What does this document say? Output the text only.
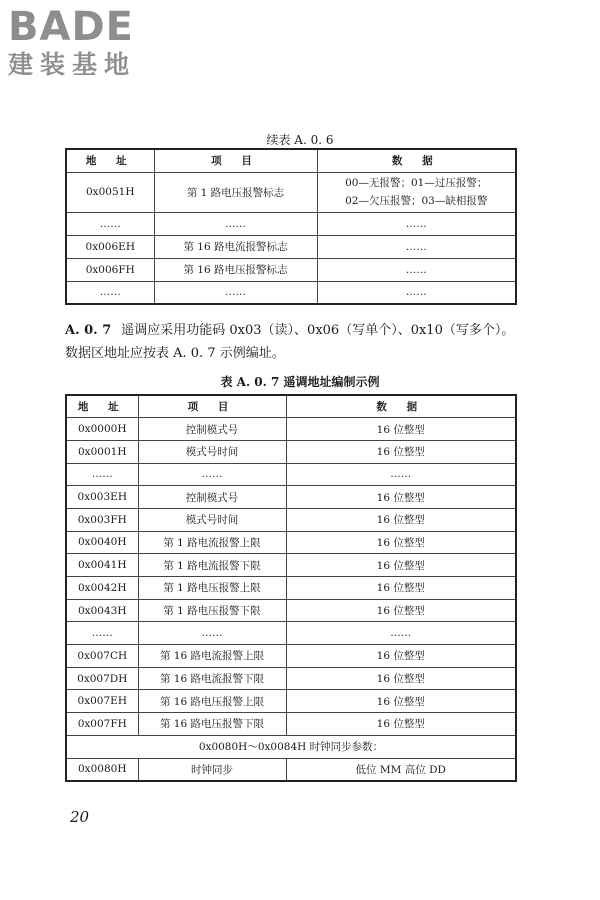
BADE
建装基地
续表 A. 0. 6
地 址	项 目	数 据
0x0051H	第 1 路电压报警标志	00—无报警；01—过压报警；
02—欠压报警；03—缺相报警

……	……	……
0x006EH	第 16 路电流报警标志	……
0x006FH	第 16 路电压报警标志	……
……	……	……
A. 0. 7 遥调应采用功能码 0x03（读）、0x06（写单个）、0x10（写多个）。数据区地址应按表 A. 0. 7 示例编址。
表 A. 0. 7 遥调地址编制示例
地 址	项 目	数 据
0x0000H	控制模式号	16 位整型
0x0001H	模式号时间	16 位整型
……	……	……
0x003EH	控制模式号	16 位整型
0x003FH	模式号时间	16 位整型
0x0040H	第 1 路电流报警上限	16 位整型
0x0041H	第 1 路电流报警下限	16 位整型
0x0042H	第 1 路电压报警上限	16 位整型
0x0043H	第 1 路电压报警下限	16 位整型
……	……	……
0x007CH	第 16 路电流报警上限	16 位整型
0x007DH	第 16 路电流报警下限	16 位整型
0x007EH	第 16 路电压报警上限	16 位整型
0x007FH	第 16 路电压报警下限	16 位整型
0x0080H～0x0084H 时钟同步参数：		
0x0080H	时钟同步	低位 MM 高位 DD
20
